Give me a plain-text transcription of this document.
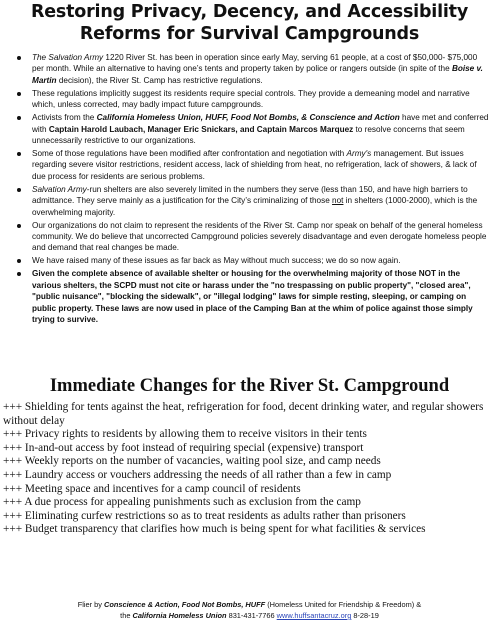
Restoring Privacy, Decency, and Accessibility
Reforms for Survival Campgrounds
The Salvation Army 1220 River St. has been in operation since early May, serving 61 people, at a cost of $50,000- $75,000 per month. While an alternative to having one’s tents and property taken by police or rangers outside (in spite of the Boise v. Martin decision), the River St. Camp has restrictive regulations.
These regulations implicitly suggest its residents require special controls. They provide a demeaning model and narrative which, unless corrected, may badly impact future campgrounds.
Activists from the California Homeless Union, HUFF, Food Not Bombs, & Conscience and Action have met and conferred with Captain Harold Laubach, Manager Eric Snickars, and Captain Marcos Marquez to resolve concerns that seem unnecessarily restrictive to our organizations.
Some of those regulations have been modified after confrontation and negotiation with Army's management. But issues regarding severe visitor restrictions, resident access, lack of shielding from heat, no refrigeration, lack of showers, & lack of due process for residents are serious problems.
Salvation Army-run shelters are also severely limited in the numbers they serve (less than 150, and have high barriers to admittance. They serve mainly as a justification for the City’s criminalizing of those not in shelters (1000-2000), which is the overwhelming majority.
Our organizations do not claim to represent the residents of the River St. Camp nor speak on behalf of the general homeless community. We do believe that uncorrected Campground policies severely disadvantage and even derogate homeless people and demand that real changes be made.
We have raised many of these issues as far back as May without much success; we do so now again.
Given the complete absence of available shelter or housing for the overwhelming majority of those NOT in the various shelters, the SCPD must not cite or harass under the "no trespassing on public property", "closed area", "public nuisance", "blocking the sidewalk", or "illegal lodging" laws for simple resting, sleeping, or camping on public property. These laws are now used in place of the Camping Ban at the whim of police against those simply trying to survive.
Immediate Changes for the River St. Campground
+++ Shielding for tents against the heat, refrigeration for food, decent drinking water, and regular showers without delay
+++ Privacy rights to residents by allowing them to receive visitors in their tents
+++ In-and-out access by foot instead of requiring special (expensive) transport
+++ Weekly reports on the number of vacancies, waiting pool size, and camp needs
+++ Laundry access or vouchers addressing the needs of all rather than a few in camp
+++ Meeting space and incentives for a camp council of residents
+++ A due process for appealing punishments such as exclusion from the camp
+++ Eliminating curfew restrictions so as to treat residents as adults rather than prisoners
+++ Budget transparency that clarifies how much is being spent for what facilities & services
Flier by Conscience & Action, Food Not Bombs, HUFF (Homeless United for Friendship & Freedom) &
the California Homeless Union 831-431-7766 www.huffsantacruz.org 8-28-19
